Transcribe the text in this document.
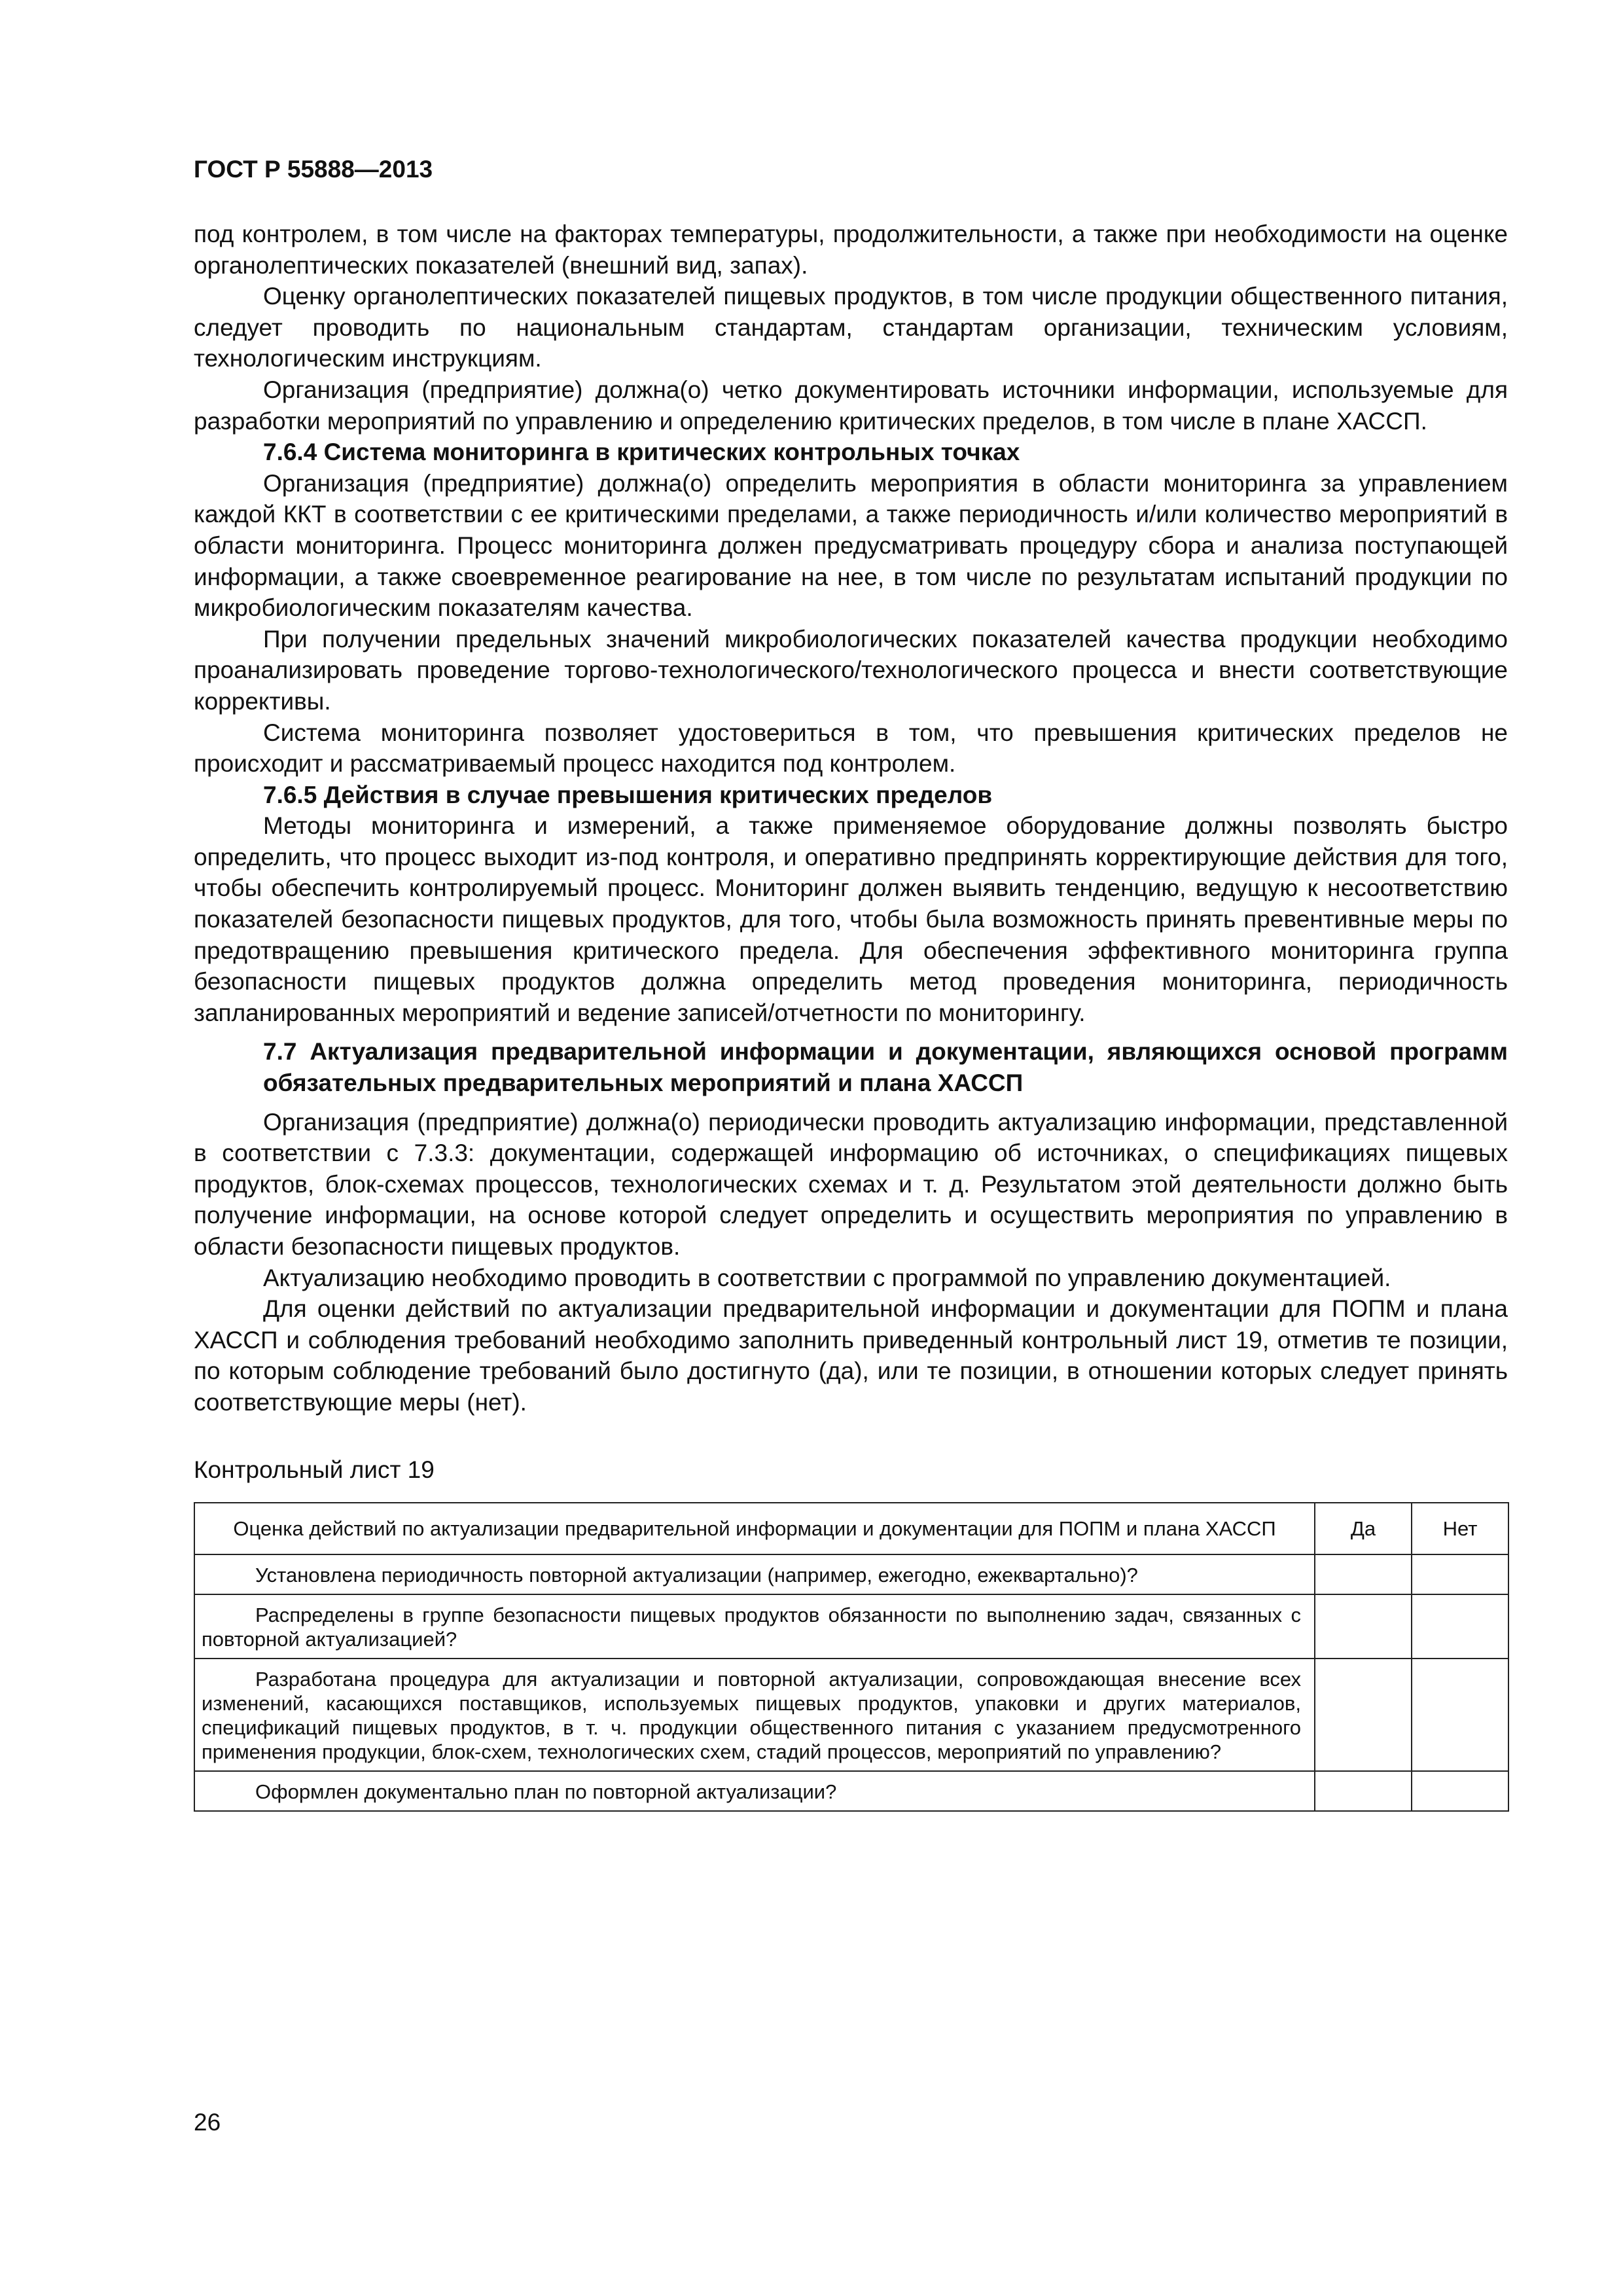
ГОСТ Р 55888—2013

под контролем, в том числе на факторах температуры, продолжительности, а также при необходимости на оценке органолептических показателей (внешний вид, запах).

Оценку органолептических показателей пищевых продуктов, в том числе продукции общественного питания, следует проводить по национальным стандартам, стандартам организации, техническим условиям, технологическим инструкциям.

Организация (предприятие) должна(о) четко документировать источники информации, используемые для разработки мероприятий по управлению и определению критических пределов, в том числе в плане ХАССП.

7.6.4 Система мониторинга в критических контрольных точках

Организация (предприятие) должна(о) определить мероприятия в области мониторинга за управлением каждой ККТ в соответствии с ее критическими пределами, а также периодичность и/или количество мероприятий в области мониторинга. Процесс мониторинга должен предусматривать процедуру сбора и анализа поступающей информации, а также своевременное реагирование на нее, в том числе по результатам испытаний продукции по микробиологическим показателям качества.

При получении предельных значений микробиологических показателей качества продукции необходимо проанализировать проведение торгово-технологического/технологического процесса и внести соответствующие коррективы.

Система мониторинга позволяет удостовериться в том, что превышения критических пределов не происходит и рассматриваемый процесс находится под контролем.

7.6.5 Действия в случае превышения критических пределов

Методы мониторинга и измерений, а также применяемое оборудование должны позволять быстро определить, что процесс выходит из-под контроля, и оперативно предпринять корректирующие действия для того, чтобы обеспечить контролируемый процесс. Мониторинг должен выявить тенденцию, ведущую к несоответствию показателей безопасности пищевых продуктов, для того, чтобы была возможность принять превентивные меры по предотвращению превышения критического предела. Для обеспечения эффективного мониторинга группа безопасности пищевых продуктов должна определить метод проведения мониторинга, периодичность запланированных мероприятий и ведение записей/отчетности по мониторингу.

7.7 Актуализация предварительной информации и документации, являющихся основой программ обязательных предварительных мероприятий и плана ХАССП

Организация (предприятие) должна(о) периодически проводить актуализацию информации, представленной в соответствии с 7.3.3: документации, содержащей информацию об источниках, о спецификациях пищевых продуктов, блок-схемах процессов, технологических схемах и т. д. Результатом этой деятельности должно быть получение информации, на основе которой следует определить и осуществить мероприятия по управлению в области безопасности пищевых продуктов.

Актуализацию необходимо проводить в соответствии с программой по управлению документацией.

Для оценки действий по актуализации предварительной информации и документации для ПОПМ и плана ХАССП и соблюдения требований необходимо заполнить приведенный контрольный лист 19, отметив те позиции, по которым соблюдение требований было достигнуто (да), или те позиции, в отношении которых следует принять соответствующие меры (нет).

Контрольный лист 19
Оценка действий по актуализации предварительной информации и документации для ПОПМ и плана ХАССП	Да	Нет
Установлена периодичность повторной актуализации (например, ежегодно, ежеквартально)?		
Распределены в группе безопасности пищевых продуктов обязанности по выполнению задач, связанных с повторной актуализацией?		
Разработана процедура для актуализации и повторной актуализации, сопровождающая внесение всех изменений, касающихся поставщиков, используемых пищевых продуктов, упаковки и других материалов, спецификаций пищевых продуктов, в т. ч. продукции общественного питания с указанием предусмотренного применения продукции, блок-схем, технологических схем, стадий процессов, мероприятий по управлению?		
Оформлен документально план по повторной актуализации?		
26
